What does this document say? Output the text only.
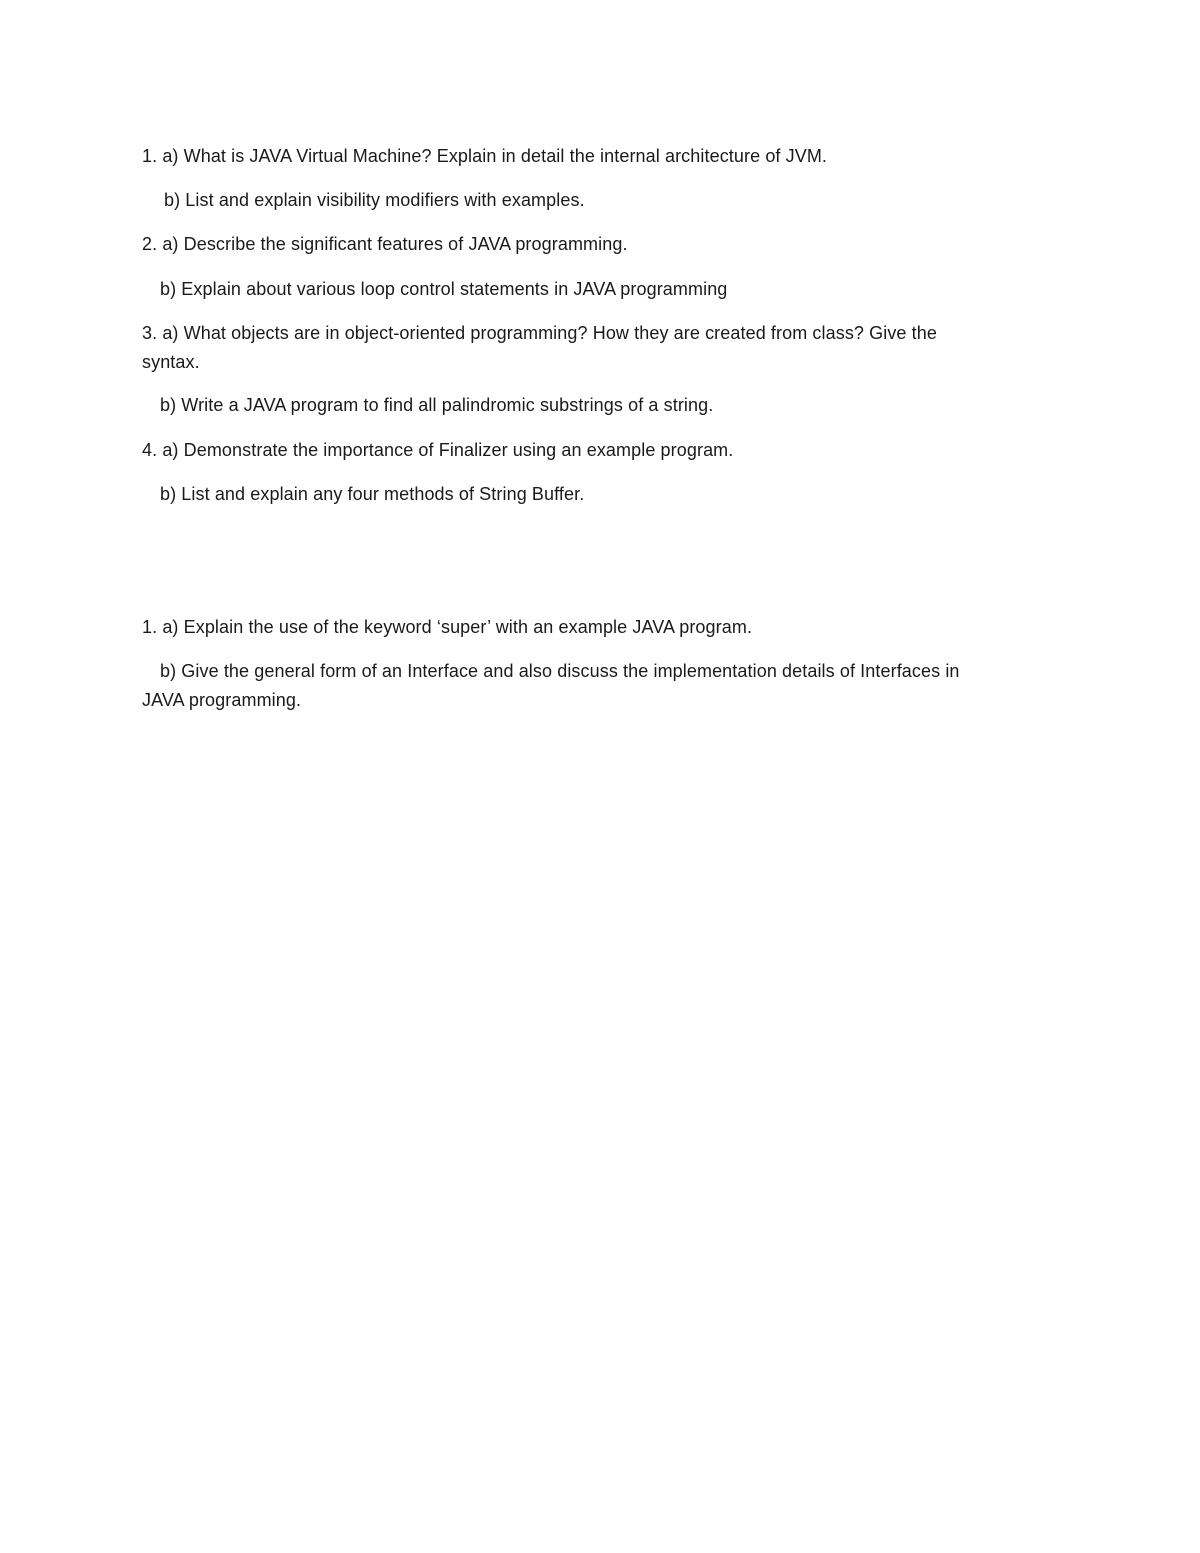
1. a) What is JAVA Virtual Machine? Explain in detail the internal architecture of JVM.
b) List and explain visibility modifiers with examples.
2. a) Describe the significant features of JAVA programming.
b) Explain about various loop control statements in JAVA programming
3. a) What objects are in object-oriented programming? How they are created from class? Give the
syntax.
b) Write a JAVA program to find all palindromic substrings of a string.
4. a) Demonstrate the importance of Finalizer using an example program.
b) List and explain any four methods of String Buffer.
1. a) Explain the use of the keyword ‘super’ with an example JAVA program.
b) Give the general form of an Interface and also discuss the implementation details of Interfaces in
JAVA programming.
